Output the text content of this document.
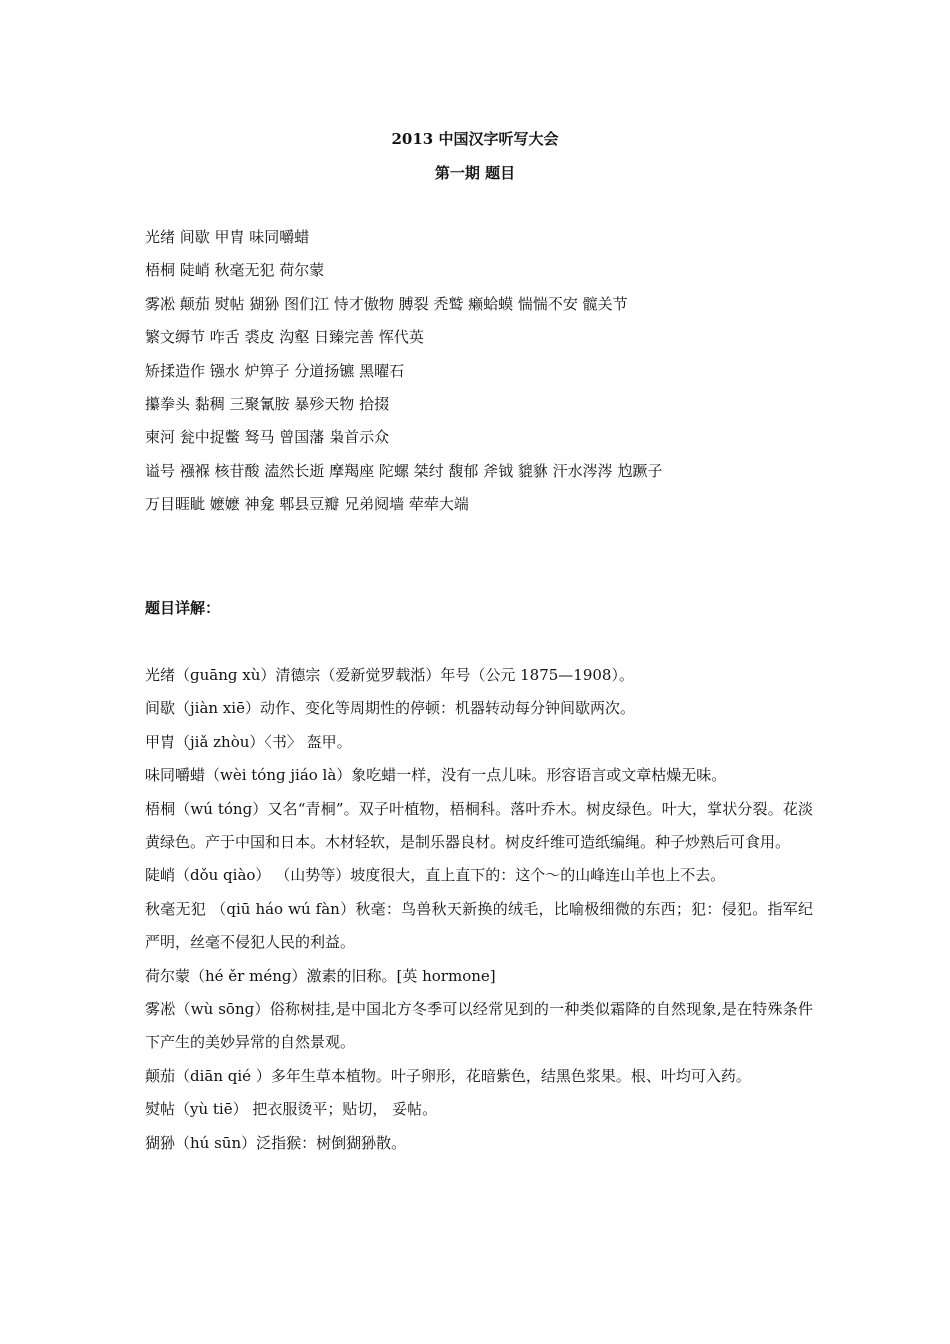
2013 中国汉字听写大会
第一期 题目
光绪 间歇 甲胄 味同嚼蜡
梧桐 陡峭 秋毫无犯 荷尔蒙
雾凇 颠茄 熨帖 猢狲 图们江 恃才傲物 膊裂 秃鹫 癞蛤蟆 惴惴不安 髋关节
繁文缛节 咋舌 裘皮 沟壑 日臻完善 恽代英
矫揉造作 镪水 炉箅子 分道扬镳 黑曜石
攥拳头 黏稠 三聚氰胺 暴殄天物 拾掇
柬河 瓮中捉鳖 驽马 曾国藩 枭首示众
谥号 襁褓 核苷酸 溘然长逝 摩羯座 陀螺 桀纣 馥郁 斧钺 貔貅 汗水涔涔 尥蹶子
万目睚眦 嬷嬷 神龛 郫县豆瓣 兄弟阋墙 荦荦大端
题目详解：
光绪（ɡuānɡ xù）清德宗（爱新觉罗载湉）年号（公元 1875—1908）。
间歇（jiàn xiē）动作、变化等周期性的停顿：机器转动每分钟间歇两次。
甲胄（jiǎ zhòu）〈书〉 盔甲。
味同嚼蜡（wèi tónɡ jiáo là）象吃蜡一样，没有一点儿味。形容语言或文章枯燥无味。
梧桐（wú tónɡ）又名“青桐”。双子叶植物，梧桐科。落叶乔木。树皮绿色。叶大，掌状分裂。花淡黄绿色。产于中国和日本。木材轻软，是制乐器良材。树皮纤维可造纸编绳。种子炒熟后可食用。
陡峭（dǒu qiào） （山势等）坡度很大，直上直下的：这个～的山峰连山羊也上不去。
秋毫无犯 （qiū háo wú fàn）秋毫：鸟兽秋天新换的绒毛，比喻极细微的东西；犯：侵犯。指军纪严明，丝毫不侵犯人民的利益。
荷尔蒙（hé ěr ménɡ）激素的旧称。[英 hormone]
雾凇（wù sōnɡ）俗称树挂,是中国北方冬季可以经常见到的一种类似霜降的自然现象,是在特殊条件下产生的美妙异常的自然景观。
颠茄（diān qié ）多年生草本植物。叶子卵形，花暗紫色，结黑色浆果。根、叶均可入药。
熨帖（yù tiē） 把衣服烫平；贴切， 妥帖。
猢狲（hú sūn）泛指猴：树倒猢狲散。
